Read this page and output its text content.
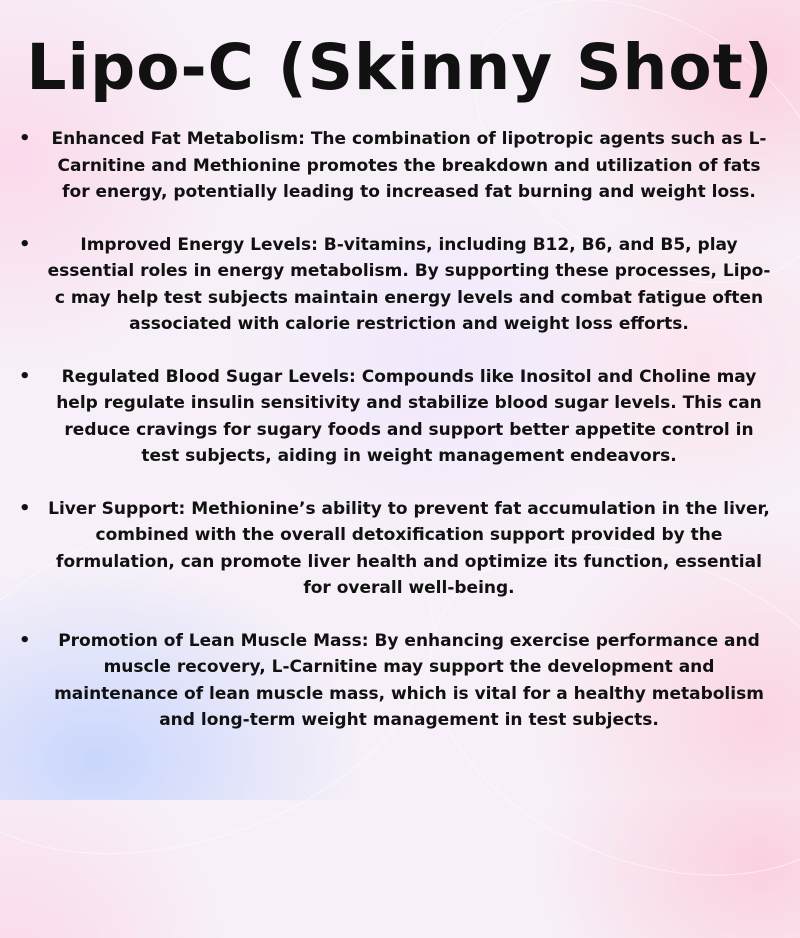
Lipo-C (Skinny Shot)
• Enhanced Fat Metabolism: The combination of lipotropic agents such as L-Carnitine and Methionine promotes the breakdown and utilization of fats for energy, potentially leading to increased fat burning and weight loss.
•	Improved Energy Levels: B-vitamins, including B12, B6, and B5, play essential roles in energy metabolism. By supporting these processes, Lipo-c may help test subjects maintain energy levels and combat fatigue often associated with calorie restriction and weight loss efforts.
• Regulated Blood Sugar Levels: Compounds like Inositol and Choline may help regulate insulin sensitivity and stabilize blood sugar levels. This can reduce cravings for sugary foods and support better appetite control in test subjects, aiding in weight management endeavors.
• Liver Support: Methionine’s ability to prevent fat accumulation in the liver, combined with the overall detoxification support provided by the formulation, can promote liver health and optimize its function, essential for overall well-being.
• Promotion of Lean Muscle Mass: By enhancing exercise performance and muscle recovery, L-Carnitine may support the development and maintenance of lean muscle mass, which is vital for a healthy metabolism and long-term weight management in test subjects.
